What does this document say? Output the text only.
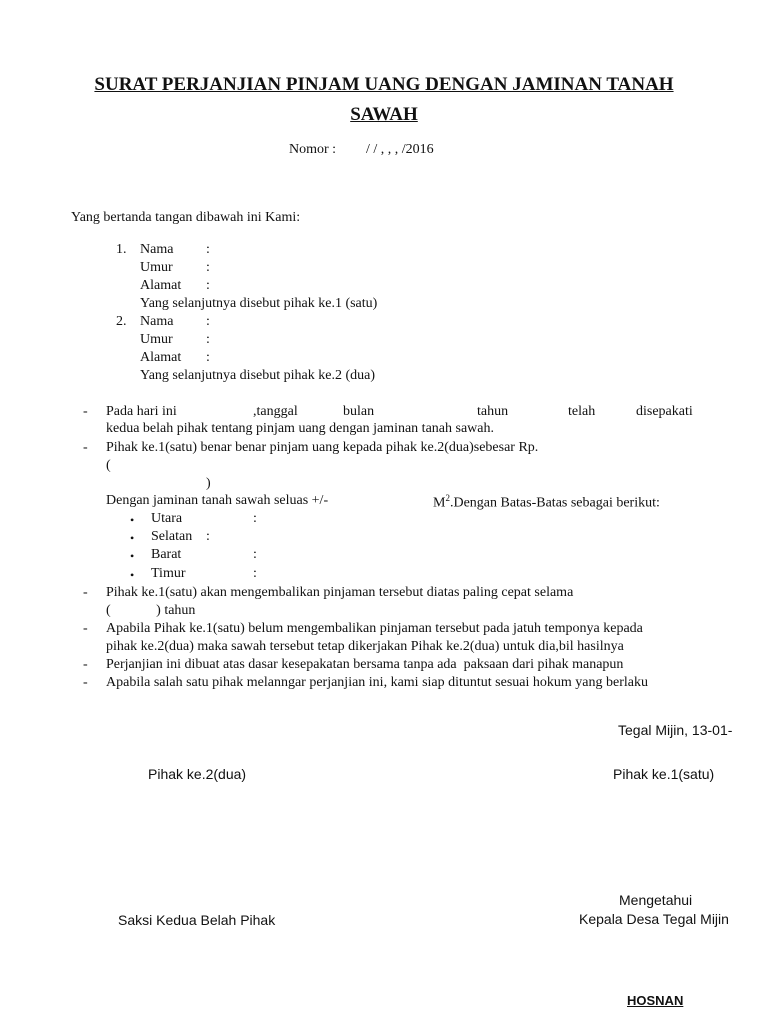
SURAT PERJANJIAN PINJAM UANG DENGAN JAMINAN TANAH
SAWAH
Nomor : / / , , , /2016
Yang bertanda tangan dibawah ini Kami:
1. Nama :
Umur :
Alamat :
Yang selanjutnya disebut pihak ke.1 (satu)
2. Nama :
Umur :
Alamat :
Yang selanjutnya disebut pihak ke.2 (dua)
- Pada hari ini	,tanggal	bulan	tahun	telah	disepakati
kedua belah pihak tentang pinjam uang dengan jaminan tanah sawah.
- Pihak ke.1(satu) benar benar pinjam uang kepada pihak ke.2(dua)sebesar Rp.
(
)
Dengan jaminan tanah sawah seluas +/-	$M^2.Dengan$ Batas-Batas sebagai berikut:
• Utara	:
• Selatan :
• Barat	:
• Timur	:
- Pihak ke.1(satu) akan mengembalikan pinjaman tersebut diatas paling cepat selama
(             ) tahun
- Apabila Pihak ke.1(satu) belum mengembalikan pinjaman tersebut pada jatuh temponya kepada
pihak ke.2(dua) maka sawah tersebut tetap dikerjakan Pihak ke.2(dua) untuk dia,bil hasilnya
- Perjanjian ini dibuat atas dasar kesepakatan bersama tanpa ada  paksaan dari pihak manapun
- Apabila salah satu pihak melanngar perjanjian ini, kami siap dituntut sesuai hokum yang berlaku
Tegal Mijin, 13-01-
Pihak ke.2(dua)	Pihak ke.1(satu)
Mengetahui
Kepala Desa Tegal Mijin
Saksi Kedua Belah Pihak
HOSNAN
